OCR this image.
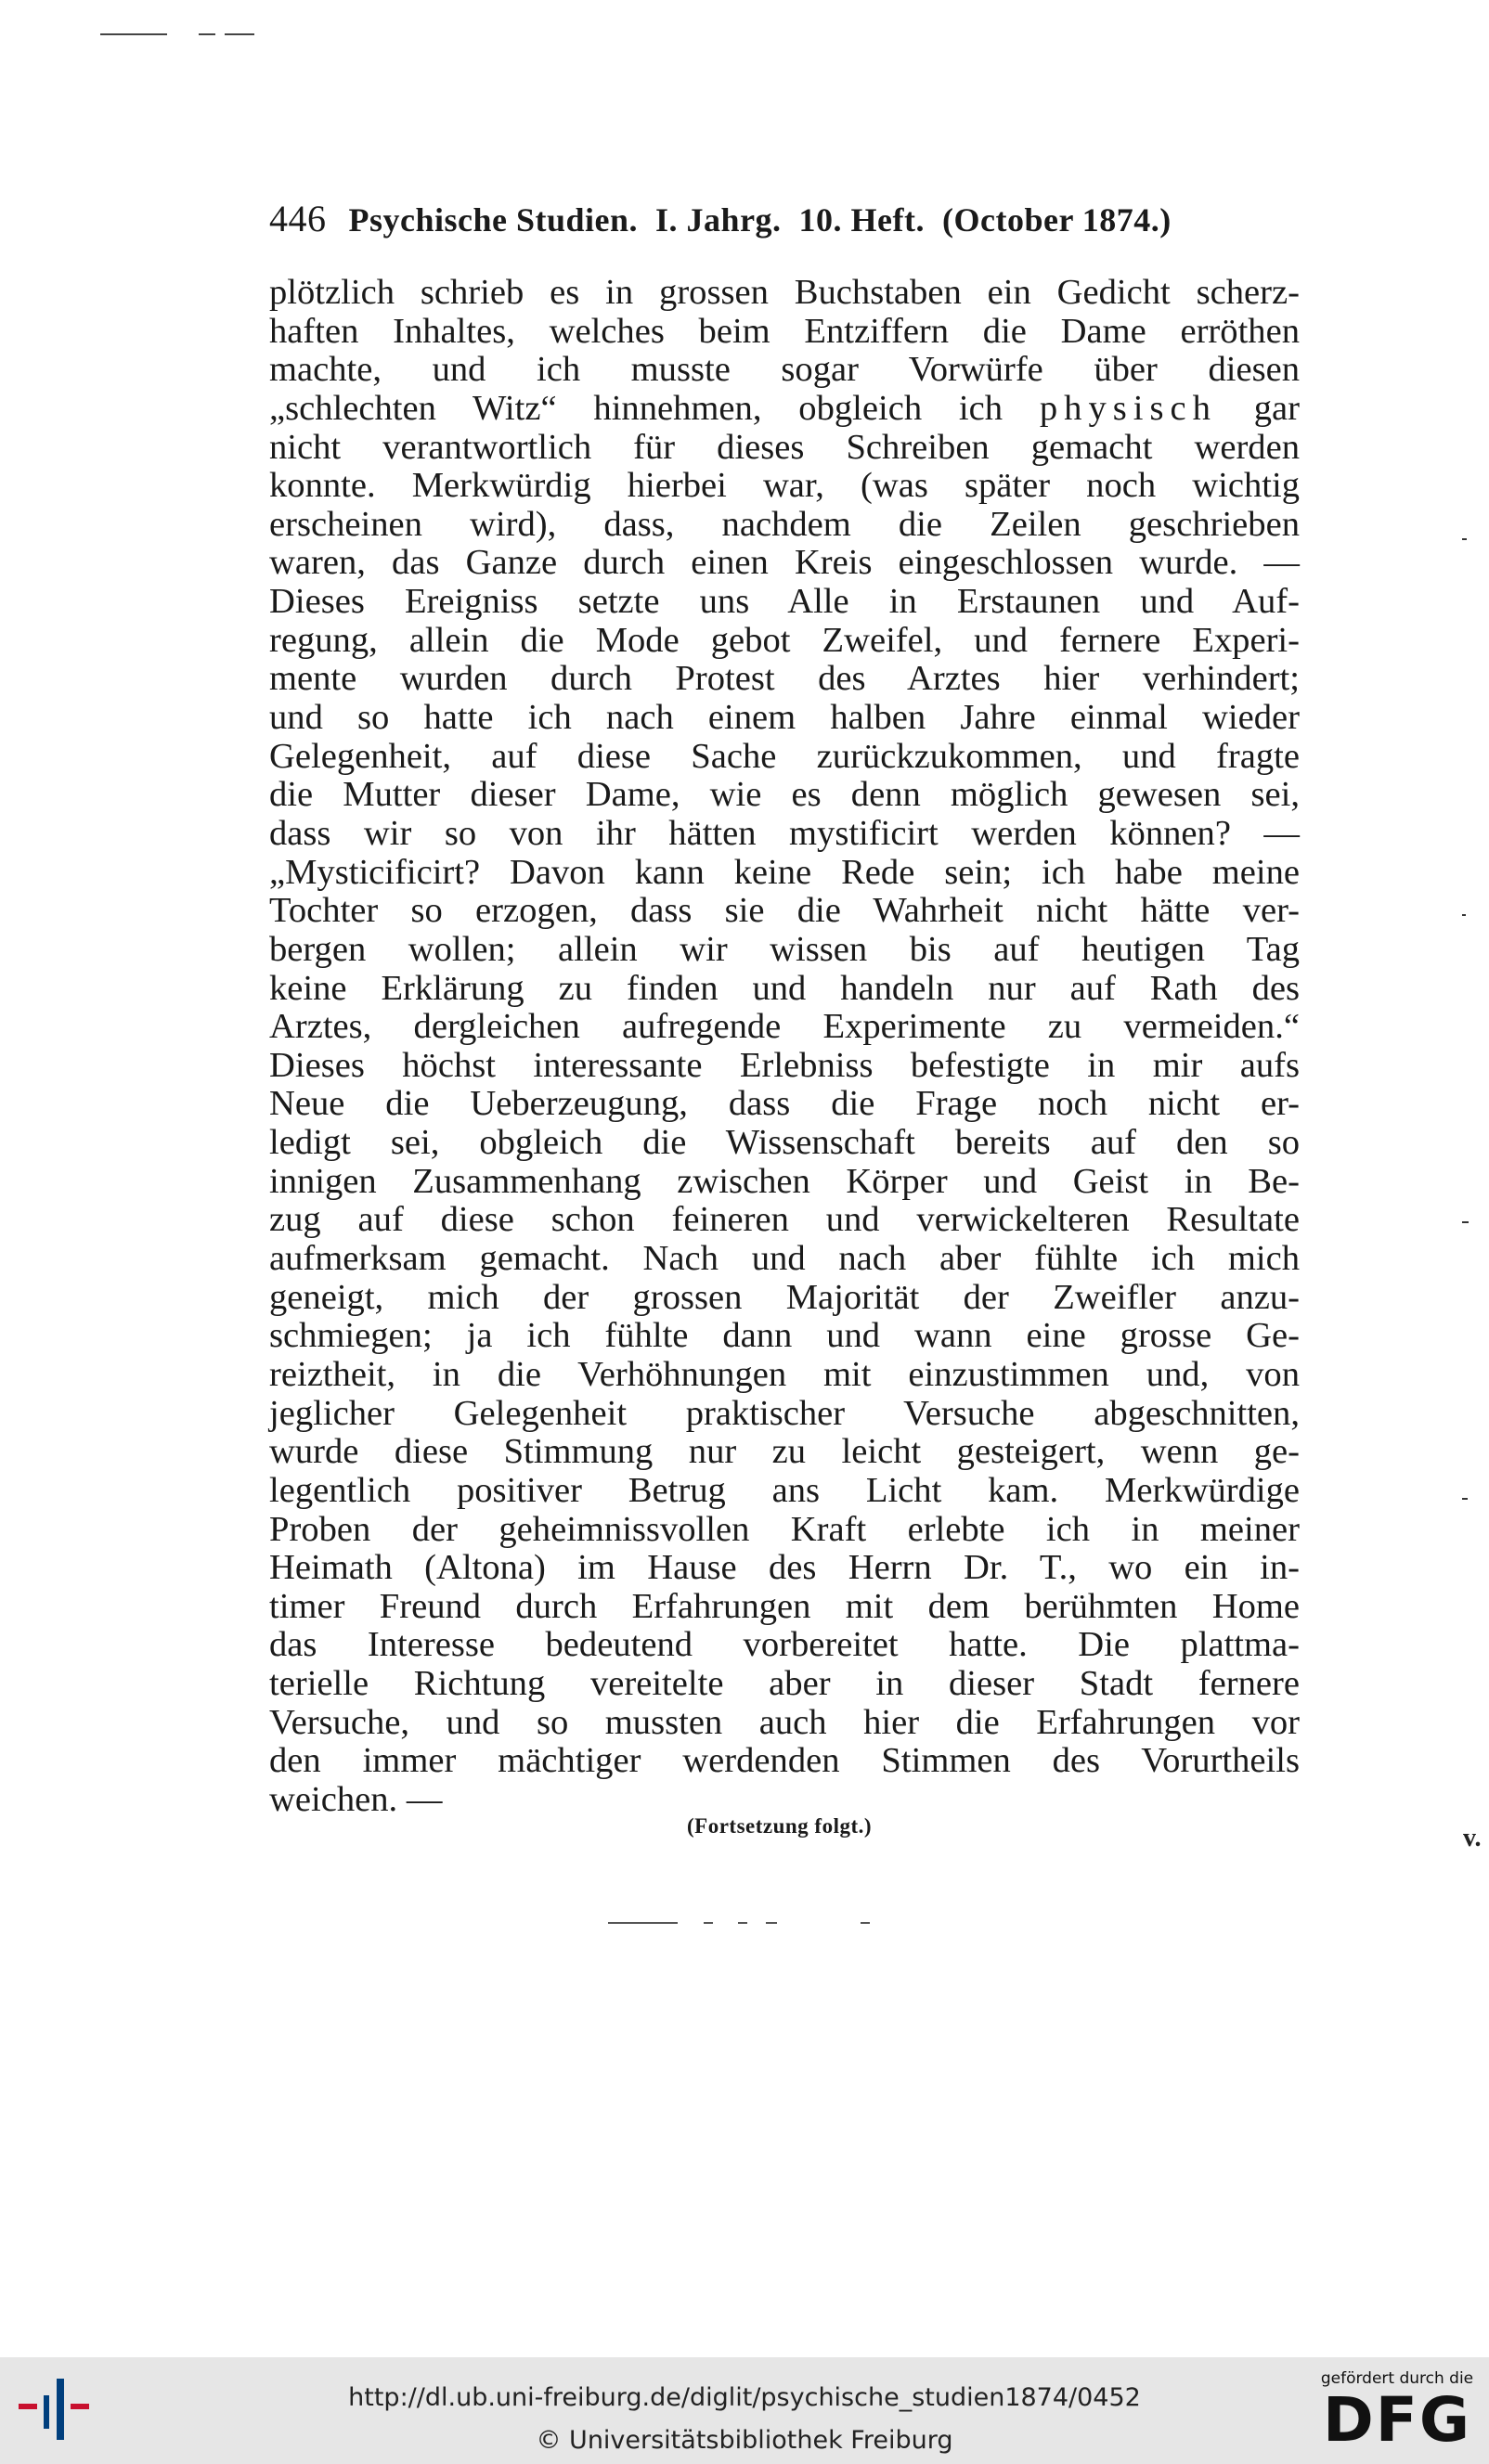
446 Psychische Studien.  I. Jahrg.  10. Heft.  (October 1874.)
plötzlich schrieb es in grossen Buchstaben ein Gedicht scherz-
haften Inhaltes, welches beim Entziffern die Dame erröthen
machte, und ich musste sogar Vorwürfe über diesen
„schlechten Witz“ hinnehmen, obgleich ich physisch gar
nicht verantwortlich für dieses Schreiben gemacht werden
konnte. Merkwürdig hierbei war, (was später noch wichtig
erscheinen wird), dass, nachdem die Zeilen geschrieben
waren, das Ganze durch einen Kreis eingeschlossen wurde. —
Dieses Ereigniss setzte uns Alle in Erstaunen und Auf-
regung, allein die Mode gebot Zweifel, und fernere Experi-
mente wurden durch Protest des Arztes hier verhindert;
und so hatte ich nach einem halben Jahre einmal wieder
Gelegenheit, auf diese Sache zurückzukommen, und fragte
die Mutter dieser Dame, wie es denn möglich gewesen sei,
dass wir so von ihr hätten mystificirt werden können? —
„Mysticificirt? Davon kann keine Rede sein; ich habe meine
Tochter so erzogen, dass sie die Wahrheit nicht hätte ver-
bergen wollen; allein wir wissen bis auf heutigen Tag
keine Erklärung zu finden und handeln nur auf Rath des
Arztes, dergleichen aufregende Experimente zu vermeiden.“
Dieses höchst interessante Erlebniss befestigte in mir aufs
Neue die Ueberzeugung, dass die Frage noch nicht er-
ledigt sei, obgleich die Wissenschaft bereits auf den so
innigen Zusammenhang zwischen Körper und Geist in Be-
zug auf diese schon feineren und verwickelteren Resultate
aufmerksam gemacht. Nach und nach aber fühlte ich mich
geneigt, mich der grossen Majorität der Zweifler anzu-
schmiegen; ja ich fühlte dann und wann eine grosse Ge-
reiztheit, in die Verhöhnungen mit einzustimmen und, von
jeglicher Gelegenheit praktischer Versuche abgeschnitten,
wurde diese Stimmung nur zu leicht gesteigert, wenn ge-
legentlich positiver Betrug ans Licht kam. Merkwürdige
Proben der geheimnissvollen Kraft erlebte ich in meiner
Heimath (Altona) im Hause des Herrn Dr. T., wo ein in-
timer Freund durch Erfahrungen mit dem berühmten Home
das Interesse bedeutend vorbereitet hatte. Die plattma-
terielle Richtung vereitelte aber in dieser Stadt fernere
Versuche, und so mussten auch hier die Erfahrungen vor
den immer mächtiger werdenden Stimmen des Vorurtheils
weichen. —
(Fortsetzung folgt.)	v.
http://dl.ub.uni-freiburg.de/diglit/psychische_studien1874/0452
© Universitätsbibliothek Freiburg
gefördert durch die
DFG
